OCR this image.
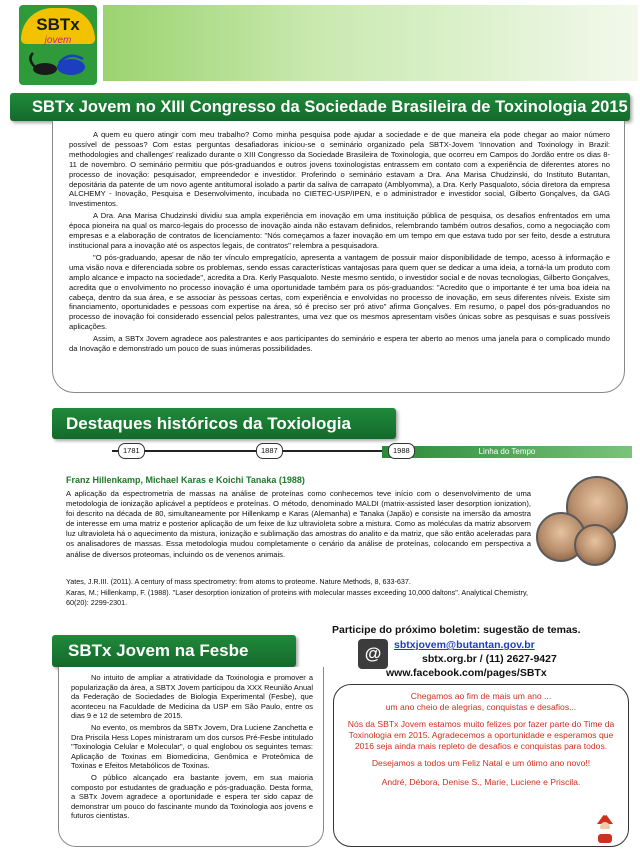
SBTx
jovem
SBTx Jovem no XIII Congresso da Sociedade Brasileira de Toxinologia 2015

A quem eu quero atingir com meu trabalho? Como minha pesquisa pode ajudar a sociedade e de que maneira ela pode chegar ao maior número possível de pessoas? Com estas perguntas desafiadoras iniciou-se o seminário organizado pela SBTX-Jovem 'Innovation and Toxinology in Brazil: methodologies and challenges' realizado durante o XIII Congresso da Sociedade Brasileira de Toxinologia, que ocorreu em Campos do Jordão entre os dias 8-11 de novembro. O seminário permitiu que pós-graduandos e outros jovens toxinologistas entrassem em contato com a experiência de diferentes atores no processo de inovação: pesquisador, empreendedor e investidor. Proferindo o seminário estavam a Dra. Ana Marisa Chudzinski, do Instituto Butantan, depositária da patente de um novo agente antitumoral isolado a partir da saliva de carrapato (Amblyomma), a Dra. Kerly Pasqualoto, sócia diretora da empresa ALCHEMY - Inovação, Pesquisa e Desenvolvimento, incubada no CIETEC-USP/IPEN, e o administrador e investidor social, Gilberto Gonçalves, da GAG Investimentos.

A Dra. Ana Marisa Chudzinski dividiu sua ampla experiência em inovação em uma instituição pública de pesquisa, os desafios enfrentados em uma época pioneira na qual os marco-legais do processo de inovação ainda não estavam definidos, relembrando também outros desafios, como a negociação com empresas e a elaboração de contratos de licenciamento: "Nós começamos a fazer inovação em um tempo em que estava tudo por ser feito, desde a estrutura institucional para a inovação até os aspectos legais, de contratos" relembra a pesquisadora.

"O pós-graduando, apesar de não ter vínculo empregatício, apresenta a vantagem de possuir maior disponibilidade de tempo, acesso à informação e uma visão nova e diferenciada sobre os problemas, sendo essas características vantajosas para quem quer se dedicar a uma ideia, a torná-la um produto com amplo alcance e impacto na sociedade", acredita a Dra. Kerly Pasqualoto. Neste mesmo sentido, o investidor social e de novas tecnologias, Gilberto Gonçalves, acredita que o envolvimento no processo inovação é uma oportunidade também para os pós-graduandos: "Acredito que o importante é ter uma boa ideia na cabeça, dentro da sua área, e se associar às pessoas certas, com experiência e envolvidas no processo de inovação, em seus diferentes níveis. Existe sim financiamento, oportunidades e pessoas com expertise na área, só é preciso ser pró ativo" afirma Gonçalves. Em resumo, o papel dos pós-graduandos no processo de inovação foi considerado essencial pelos palestrantes, uma vez que os mesmos apresentam visões únicas sobre as pesquisas e suas possíveis aplicações.

Assim, a SBTx Jovem agradece aos palestrantes e aos participantes do seminário e espera ter aberto ao menos uma janela para o complicado mundo da Inovação e demonstrado um pouco de suas inúmeras possibilidades.

Destaques históricos da Toxiologia
Linha do Tempo
1781	1887	1988
Franz Hillenkamp, Michael Karas e Koichi Tanaka (1988)
A aplicação da espectrometria de massas na análise de proteínas como conhecemos teve início com o desenvolvimento de uma metodologia de ionização aplicável a peptídeos e proteínas. O método, denominado MALDI (matrix-assisted laser desorption ionization), foi descrito na década de 80, simultaneamente por Hillenkamp e Karas (Alemanha) e Tanaka (Japão) e consiste na imersão da amostra de interesse em uma matriz e posterior aplicação de um feixe de luz ultravioleta sobre a mistura. Como as moléculas da matriz absorvem luz ultravioleta há o aquecimento da mistura, ionização e sublimação das amostras do analito e da matriz, que são então aceleradas para os analisadores de massas. Essa metodologia mudou completamente o cenário da análise de proteínas, colocando em perspectiva a análise de diversos proteomas, incluindo os de venenos animais.
Yates, J.R.III. (2011). A century of mass spectrometry: from atoms to proteome. Nature Methods, 8, 633-637.
Karas, M.; Hillenkamp, F. (1988). "Laser desorption ionization of proteins with molecular masses exceeding 10,000 daltons". Analytical Chemistry, 60(20): 2299-2301.
SBTx Jovem na Fesbe

No intuito de ampliar a atratividade da Toxinologia e promover a popularização da área, a SBTX Jovem participou da XXX Reunião Anual da Federação de Sociedades de Biologia Experimental (Fesbe), que aconteceu na Faculdade de Medicina da USP em São Paulo, entre os dias 9 e 12 de setembro de 2015.

No evento, os membros da SBTx Jovem, Dra Luciene Zanchetta e Dra Priscila Hess Lopes ministraram um dos cursos Pré-Fesbe intitulado "Toxinologia Celular e Molecular", o qual englobou os seguintes temas: Aplicação de Toxinas em Biomedicina, Genômica e Proteômica de Toxinas e Efeitos Metabólicos de Toxinas.

O público alcançado era bastante jovem, em sua maioria composto por estudantes de graduação e pós-graduação. Desta forma, a SBTx Jovem agradece a oportunidade e espera ter sido capaz de demonstrar um pouco do fascinante mundo da Toxinologia aos jovens e futuros cientistas.

Participe do próximo boletim: sugestão de temas.
@	sbtxjovem@butantan.gov.br
sbtx.org.br / (11) 2627-9427
www.facebook.com/pages/SBTx

Chegamos ao fim de mais um ano ...

um ano cheio de alegrias, conquistas e desafios...

Nós da SBTx Jovem estamos muito felizes por fazer parte do Time da Toxinologia em 2015. Agradecemos a oportunidade e esperamos que 2016 seja ainda mais repleto de desafios e conquistas para todos.

Desejamos a todos um Feliz Natal e um ótimo ano novo!!

André, Débora, Denise S., Marie, Luciene e Priscila.
